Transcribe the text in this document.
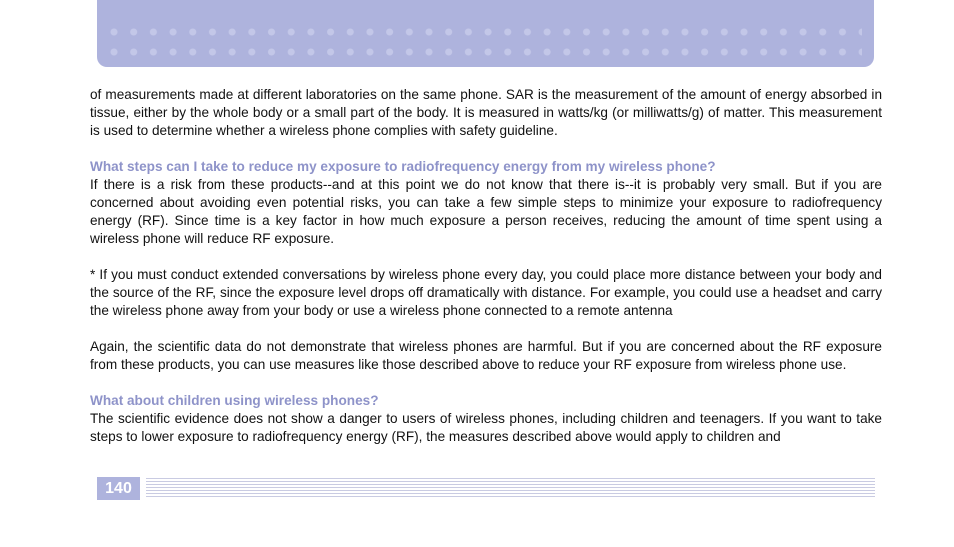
of measurements made at different laboratories on the same phone. SAR is the measurement of the amount of energy absorbed in tissue, either by the whole body or a small part of the body. It is measured in watts/kg (or milliwatts/g) of matter. This measurement is used to determine whether a wireless phone complies with safety guideline.

What steps can I take to reduce my exposure to radiofrequency energy from my wireless phone?

If there is a risk from these products--and at this point we do not know that there is--it is probably very small. But if you are concerned about avoiding even potential risks, you can take a few simple steps to minimize your exposure to radiofrequency energy (RF). Since time is a key factor in how much exposure a person receives, reducing the amount of time spent using a wireless phone will reduce RF exposure.

* If you must conduct extended conversations by wireless phone every day, you could place more distance between your body and the source of the RF, since the exposure level drops off dramatically with distance. For example, you could use a headset and carry the wireless phone away from your body or use a wireless phone connected to a remote antenna

Again, the scientific data do not demonstrate that wireless phones are harmful. But if you are concerned about the RF exposure from these products, you can use measures like those described above to reduce your RF exposure from wireless phone use.

What about children using wireless phones?

The scientific evidence does not show a danger to users of wireless phones, including children and teenagers. If you want to take steps to lower exposure to radiofrequency energy (RF), the measures described above would apply to children and

140
